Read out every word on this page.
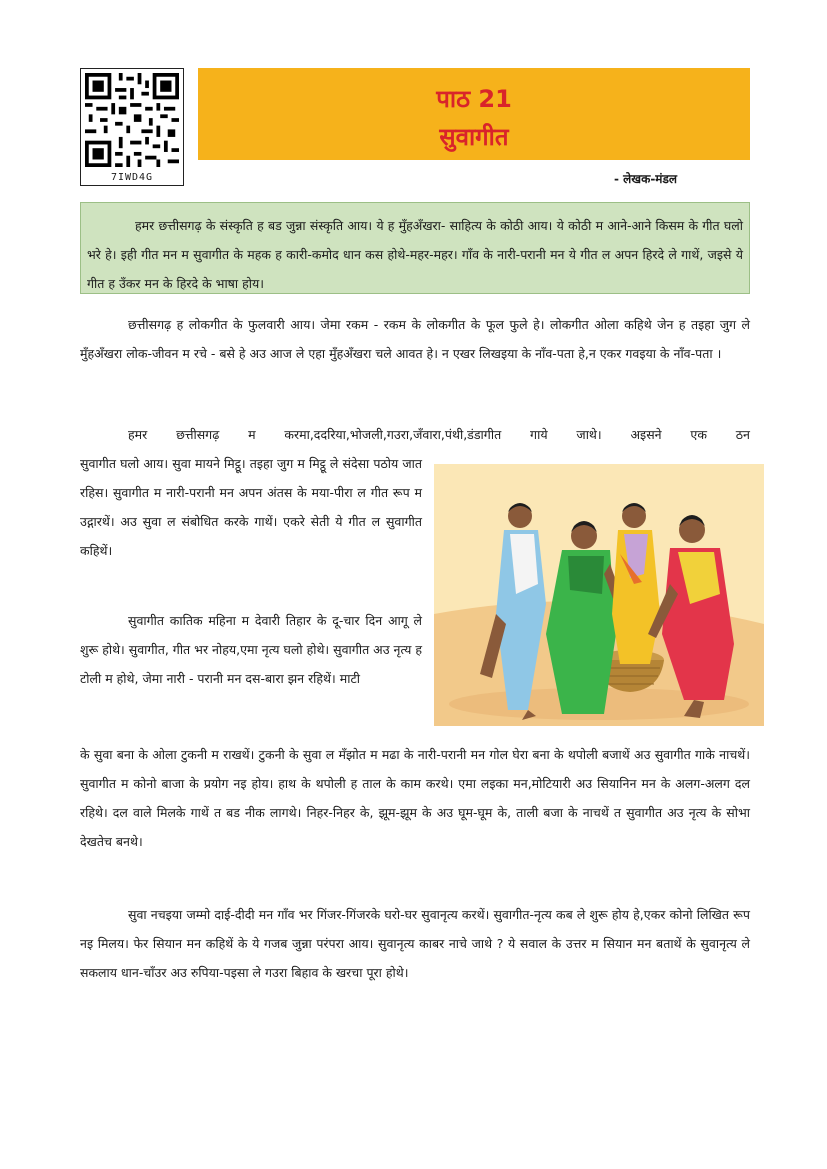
7IWD4G
पाठ 21
सुवागीत
- लेखक-मंडल

हमर छत्तीसगढ़ के संस्कृति ह बड जुन्ना संस्कृति आय। ये ह मुँहअँखरा- साहित्य के कोठी आय। ये कोठी म आने-आने किसम के गीत घलो भरे हे। इही गीत मन म सुवागीत के महक ह कारी-कमोद धान कस होथे-महर-महर। गाँव के नारी-परानी मन ये गीत ल अपन हिरदे ले गाथें, जइसे ये गीत ह उँकर मन के हिरदे के भाषा होय।

छत्तीसगढ़ ह लोकगीत के फुलवारी आय। जेमा रकम - रकम के लोकगीत के फूल फुले हे। लोकगीत ओला कहिथे जेन ह तइहा जुग ले मुँहअँखरा लोक-जीवन म रचे - बसे हे अउ आज ले एहा मुँहअँखरा चले आवत हे। न एखर लिखइया के नाँव-पता हे,न एकर गवइया के नाँव-पता ।

हमर छत्तीसगढ़ म करमा,ददरिया,भोजली,गउरा,जँवारा,पंथी,डंडागीत गाये जाथे। अइसने एक ठन

सुवागीत घलो आय। सुवा मायने मिट्ठू। तइहा जुग म मिट्ठू ले संदेसा पठोय जात रहिस। सुवागीत म नारी-परानी मन अपन अंतस के मया-पीरा ल गीत रूप म उद्गारथें। अउ सुवा ल संबोधित करके गाथें। एकरे सेती ये गीत ल सुवागीत कहिथें।

सुवागीत कातिक महिना म देवारी तिहार के दू-चार दिन आगू ले शुरू होथे। सुवागीत, गीत भर नोहय,एमा नृत्य घलो होथे। सुवागीत अउ नृत्य ह टोली म होथे, जेमा नारी - परानी मन दस-बारा झन रहिथें। माटी

के सुवा बना के ओला टुकनी म राखथें। टुकनी के सुवा ल मँझोत म मढा के नारी-परानी मन गोल घेरा बना के थपोली बजाथें अउ सुवागीत गाके नाचथें। सुवागीत म कोनो बाजा के प्रयोग नइ होय। हाथ के थपोली ह ताल के काम करथे। एमा लइका मन,मोटियारी अउ सियानिन मन के अलग-अलग दल रहिथे। दल वाले मिलके गाथें त बड नीक लागथे। निहर-निहर के, झूम-झूम के अउ घूम-घूम के, ताली बजा के नाचथें त सुवागीत अउ नृत्य के सोभा देखतेच बनथे।

सुवा नचइया जम्मो दाई-दीदी मन गाँव भर गिंजर-गिंजरके घरो-घर सुवानृत्य करथें। सुवागीत-नृत्य कब ले शुरू होय हे,एकर कोनो लिखित रूप नइ मिलय। फेर सियान मन कहिथें के ये गजब जुन्ना परंपरा आय। सुवानृत्य काबर नाचे जाथे ? ये सवाल के उत्तर म सियान मन बताथें के सुवानृत्य ले सकलाय धान-चाँउर अउ रुपिया-पइसा ले गउरा बिहाव के खरचा पूरा होथे।
